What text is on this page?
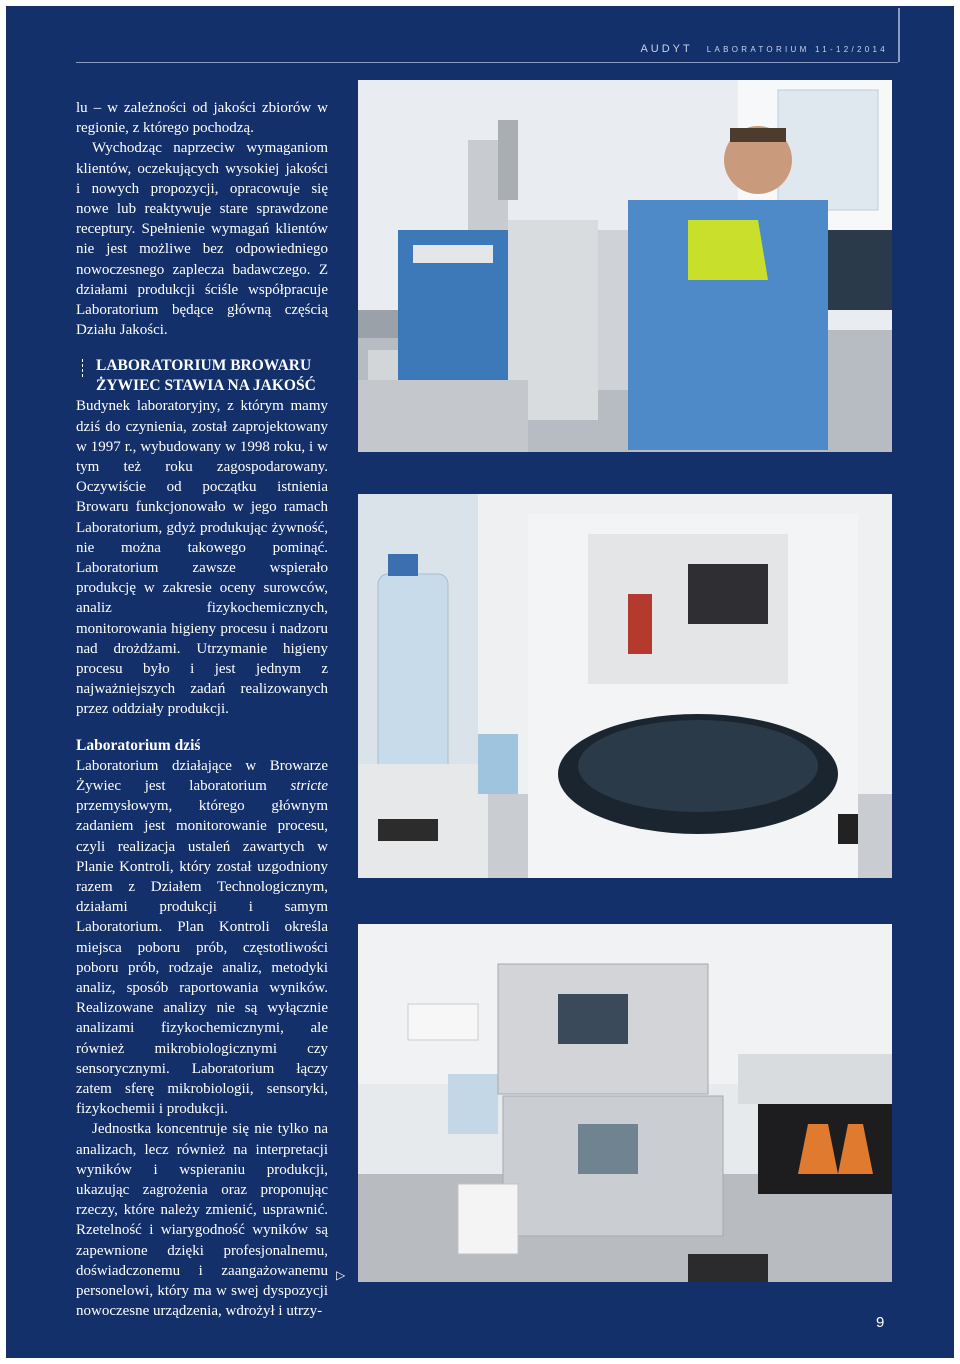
AUDYT LABORATORIUM 11-12/2014

lu – w zależności od jakości zbiorów w regionie, z którego pochodzą.

Wychodząc naprzeciw wymaganiom klientów, oczekujących wysokiej jakości i nowych propozycji, opracowuje się nowe lub reaktywuje stare sprawdzone receptury. Spełnienie wymagań klientów nie jest możliwe bez odpowiedniego nowoczesnego zaplecza badawczego. Z działami produkcji ściśle współpracuje Laboratorium będące główną częścią Działu Jakości.

LABORATORIUM BROWARU
ŻYWIEC STAWIA NA JAKOŚĆ

Budynek laboratoryjny, z którym mamy dziś do czynienia, został zaprojektowany w 1997 r., wybudowany w 1998 roku, i w tym też roku zagospodarowany. Oczywiście od początku istnienia Browaru funkcjonowało w jego ramach Laboratorium, gdyż produkując żywność, nie można takowego pominąć. Laboratorium zawsze wspierało produkcję w zakresie oceny surowców, analiz fizykochemicznych, monitorowania higieny procesu i nadzoru nad drożdżami. Utrzymanie higieny procesu było i jest jednym z najważniejszych zadań realizowanych przez oddziały produkcji.

Laboratorium dziś

Laboratorium działające w Browarze Żywiec jest laboratorium stricte przemysłowym, którego głównym zadaniem jest monitorowanie procesu, czyli realizacja ustaleń zawartych w Planie Kontroli, który został uzgodniony razem z Działem Technologicznym, działami produkcji i samym Laboratorium. Plan Kontroli określa miejsca poboru prób, częstotliwości poboru prób, rodzaje analiz, metodyki analiz, sposób raportowania wyników. Realizowane analizy nie są wyłącznie analizami fizykochemicznymi, ale również mikrobiologicznymi czy sensorycznymi. Laboratorium łączy zatem sferę mikrobiologii, sensoryki, fizykochemii i produkcji.

Jednostka koncentruje się nie tylko na analizach, lecz również na interpretacji wyników i wspieraniu produkcji, ukazując zagrożenia oraz proponując rzeczy, które należy zmienić, usprawnić. Rzetelność i wiarygodność wyników są zapewnione dzięki profesjonalnemu, doświadczonemu i zaangażowanemu personelowi, który ma w swej dyspozycji nowoczesne urządzenia, wdrożył i utrzy-

▷
9
